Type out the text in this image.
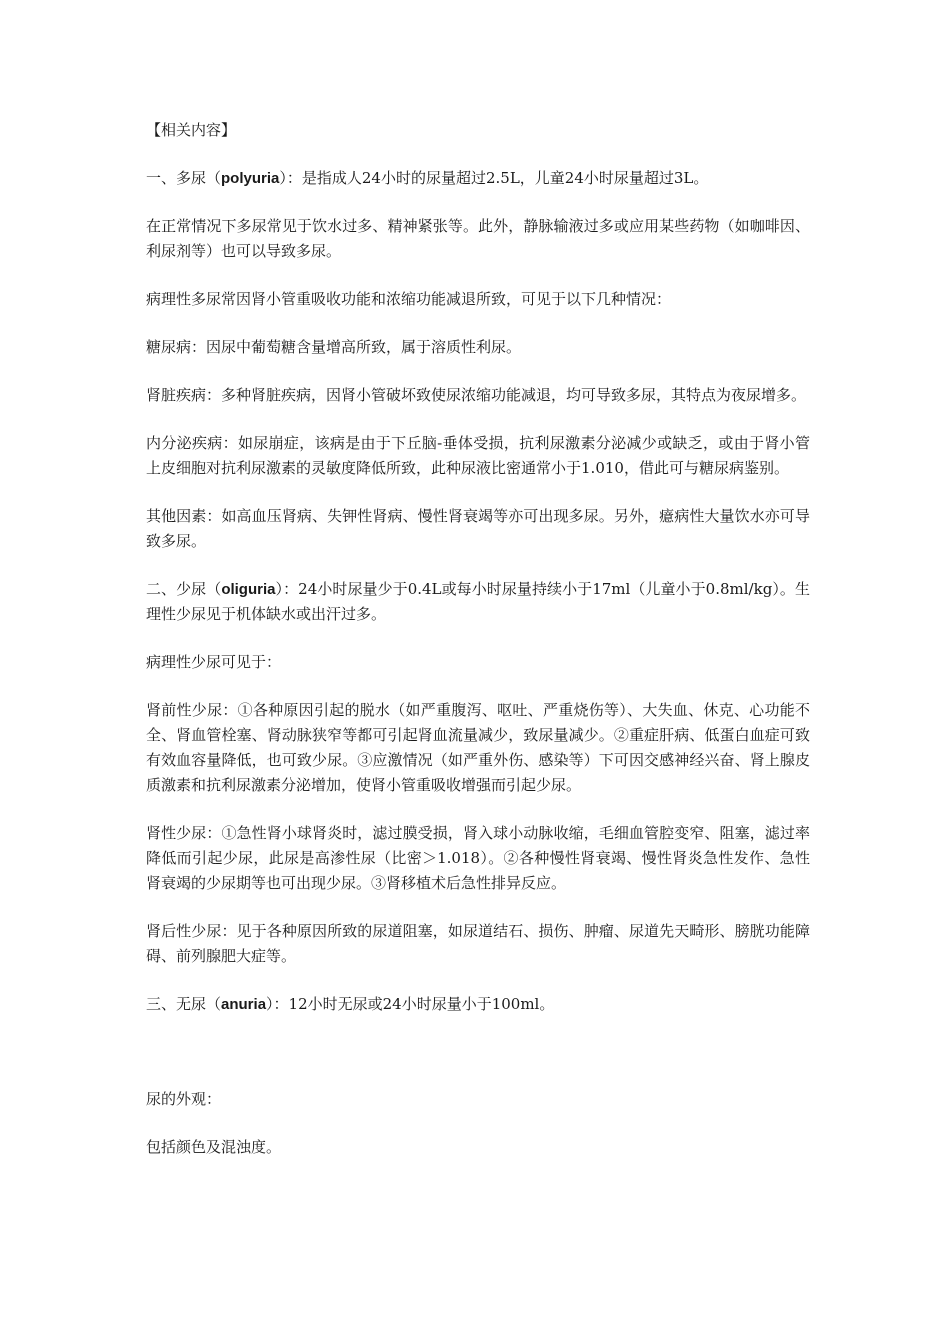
【相关内容】

一、多尿（polyuria）：是指成人24小时的尿量超过2.5L，儿童24小时尿量超过3L。

在正常情况下多尿常见于饮水过多、精神紧张等。此外，静脉输液过多或应用某些药物（如咖啡因、利尿剂等）也可以导致多尿。

病理性多尿常因肾小管重吸收功能和浓缩功能减退所致，可见于以下几种情况：

糖尿病：因尿中葡萄糖含量增高所致，属于溶质性利尿。

肾脏疾病：多种肾脏疾病，因肾小管破坏致使尿浓缩功能减退，均可导致多尿，其特点为夜尿增多。

内分泌疾病：如尿崩症，该病是由于下丘脑-垂体受损，抗利尿激素分泌减少或缺乏，或由于肾小管上皮细胞对抗利尿激素的灵敏度降低所致，此种尿液比密通常小于1.010，借此可与糖尿病鉴别。

其他因素：如高血压肾病、失钾性肾病、慢性肾衰竭等亦可出现多尿。另外，癔病性大量饮水亦可导致多尿。

二、少尿（oliguria）：24小时尿量少于0.4L或每小时尿量持续小于17ml（儿童小于0.8ml/kg）。生理性少尿见于机体缺水或出汗过多。

病理性少尿可见于：

肾前性少尿：①各种原因引起的脱水（如严重腹泻、呕吐、严重烧伤等）、大失血、休克、心功能不全、肾血管栓塞、肾动脉狭窄等都可引起肾血流量减少，致尿量减少。②重症肝病、低蛋白血症可致有效血容量降低，也可致少尿。③应激情况（如严重外伤、感染等）下可因交感神经兴奋、肾上腺皮质激素和抗利尿激素分泌增加，使肾小管重吸收增强而引起少尿。

肾性少尿：①急性肾小球肾炎时，滤过膜受损，肾入球小动脉收缩，毛细血管腔变窄、阻塞，滤过率降低而引起少尿，此尿是高渗性尿（比密＞1.018）。②各种慢性肾衰竭、慢性肾炎急性发作、急性肾衰竭的少尿期等也可出现少尿。③肾移植术后急性排异反应。

肾后性少尿：见于各种原因所致的尿道阻塞，如尿道结石、损伤、肿瘤、尿道先天畸形、膀胱功能障碍、前列腺肥大症等。

三、无尿（anuria）：12小时无尿或24小时尿量小于100ml。

尿的外观：

包括颜色及混浊度。
